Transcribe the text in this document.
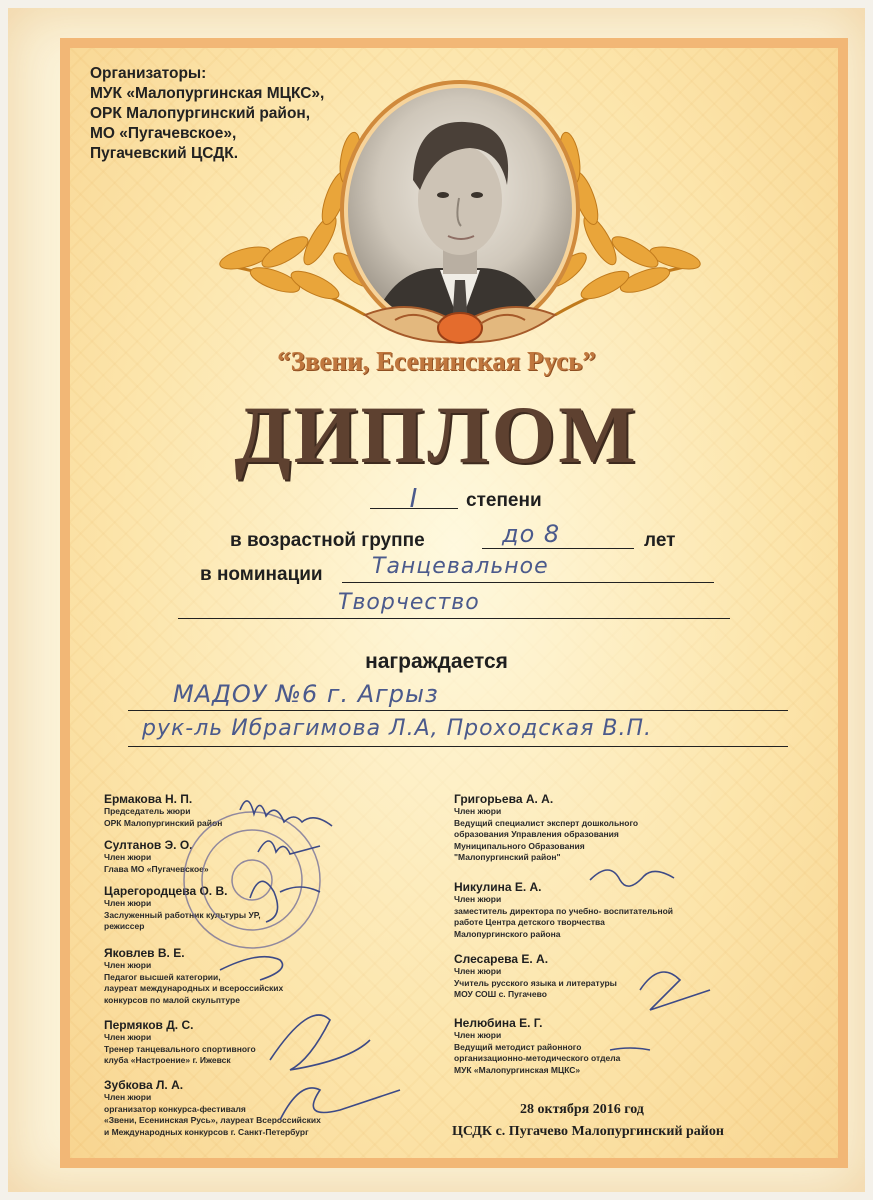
Организаторы:
МУК «Малопургинская МЦКС»,
ОРК Малопургинский район,
МО «Пугачевское»,
Пугачевский ЦСДК.
“Звени, Есенинская Русь”
ДИПЛОМ
I	степени
в возрастной группе	до 8	лет
в номинации Танцевальное
Творчество
награждается
МАДОУ №6 г. Агрыз
рук-ль Ибрагимова Л.А, Проходская В.П.
Ермакова Н. П.
Председатель жюри
ОРК Малопургинский район
Султанов Э. О.
Член жюри
Глава МО «Пугачевское»
Царегородцева О. В.
Член жюри
Заслуженный работник культуры УР,
режиссер
Яковлев В. Е.
Член жюри
Педагог высшей категории,
лауреат международных и всероссийских
конкурсов по малой скульптуре
Пермяков Д. С.
Член жюри
Тренер танцевального спортивного
клуба «Настроение» г. Ижевск
Зубкова Л. А.
Член жюри
организатор конкурса-фестиваля
«Звени, Есенинская Русь», лауреат Всероссийских
и Международных конкурсов г. Санкт-Петербург
Григорьева А. А.
Член жюри
Ведущий специалист эксперт дошкольного
образования Управления образования
Муниципального Образования
"Малопургинский район"
Никулина Е. А.
Член жюри
заместитель директора по учебно- воспитательной
работе Центра детского творчества
Малопургинского района
Слесарева Е. А.
Член жюри
Учитель русского языка и литературы
МОУ СОШ с. Пугачево
Нелюбина Е. Г.
Член жюри
Ведущий методист районного
организационно-методического отдела
МУК «Малопургинская МЦКС»
28 октября 2016 год
ЦСДК с. Пугачево Малопургинский район
